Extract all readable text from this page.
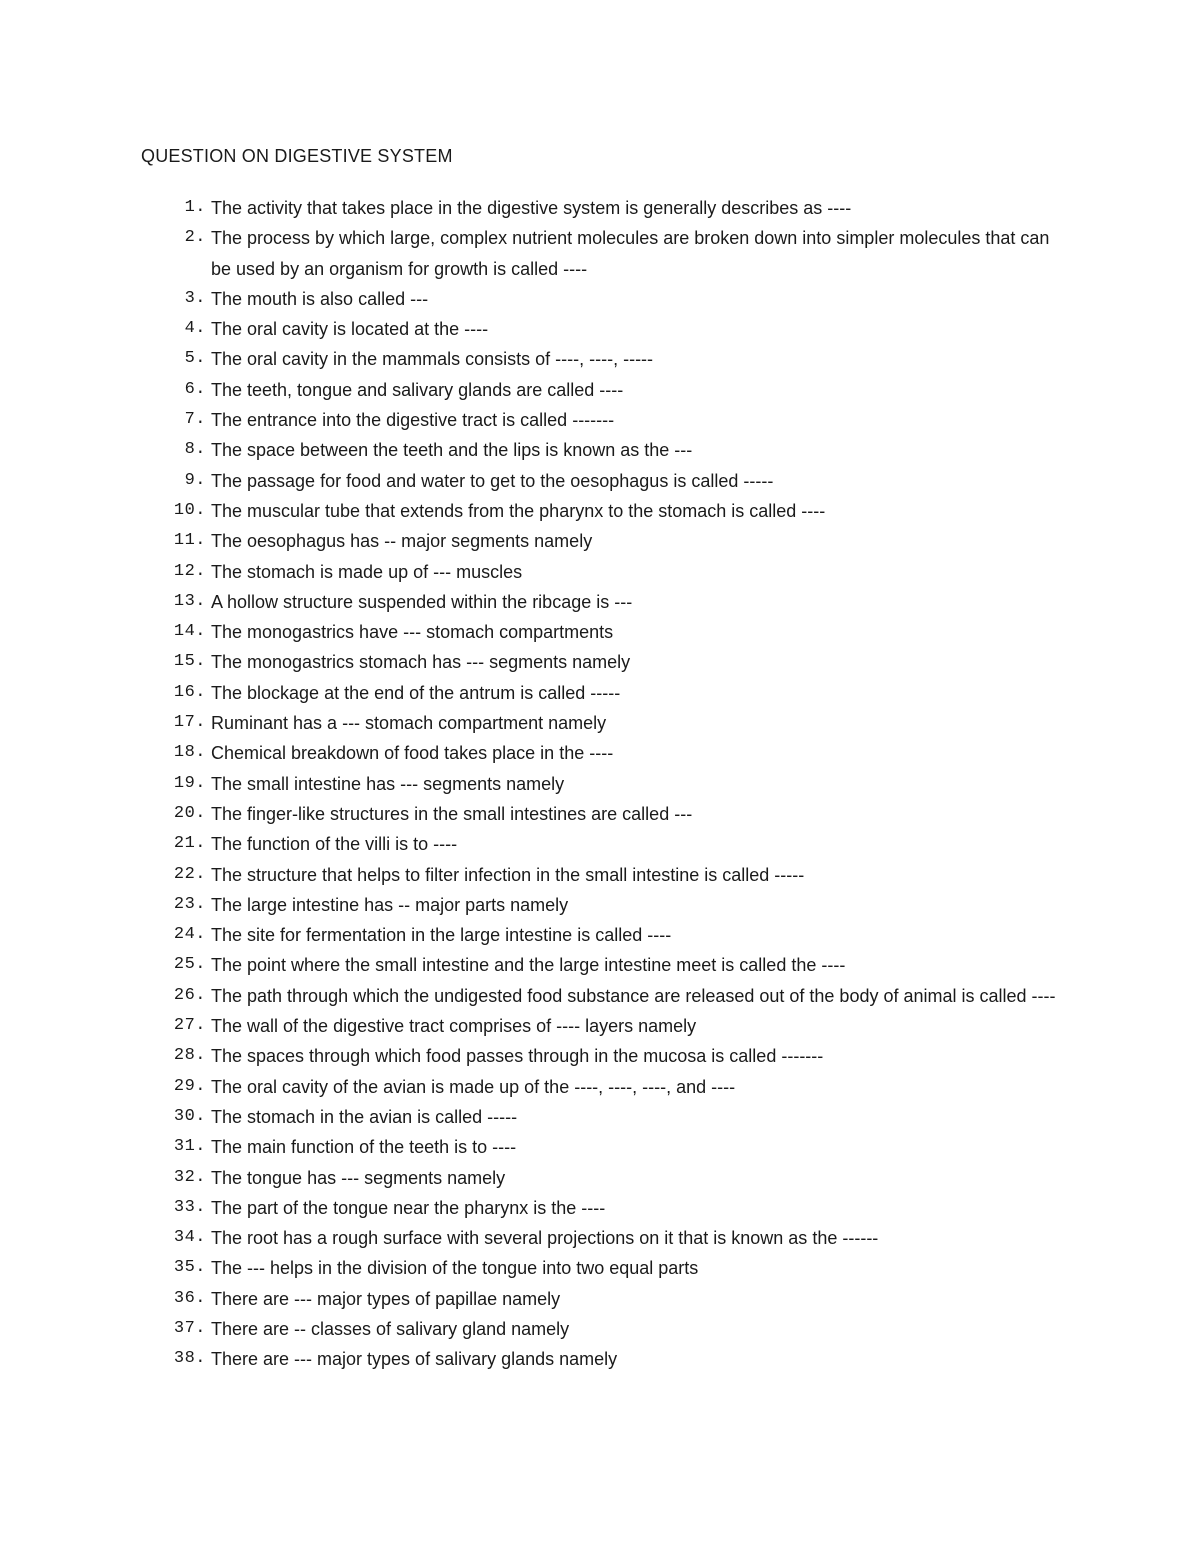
QUESTION ON DIGESTIVE SYSTEM
1. The activity that takes place in the digestive system is generally describes as ----
2. The process by which large, complex nutrient molecules are broken down into simpler molecules that can be used by an organism for growth is called ----
3. The mouth is also called ---
4. The oral cavity is located at the ----
5. The oral cavity in the mammals consists of ----, ----, -----
6. The teeth, tongue and salivary glands are called ----
7. The entrance into the digestive tract is called -------
8. The space between the teeth and the lips is known as the ---
9. The passage for food and water to get to the oesophagus is called -----
10. The muscular tube that extends from the pharynx to the stomach is called ----
11. The oesophagus has -- major segments namely
12. The stomach is made up of --- muscles
13. A hollow structure suspended within the ribcage is ---
14. The monogastrics have --- stomach compartments
15. The monogastrics stomach has --- segments namely
16. The blockage at the end of the antrum is called -----
17. Ruminant has a --- stomach compartment namely
18. Chemical breakdown of food takes place in the ----
19. The small intestine has --- segments namely
20. The finger-like structures in the small intestines are called ---
21. The function of the villi is to ----
22. The structure that helps to filter infection in the small intestine is called -----
23. The large intestine has -- major parts namely
24. The site for fermentation in the large intestine is called ----
25. The point where the small intestine and the large intestine meet is called the ----
26. The path through which the undigested food substance are released out of the body of animal is called ----
27. The wall of the digestive tract comprises of ---- layers namely
28. The spaces through which food passes through in the mucosa is called -------
29. The oral cavity of the avian is made up of the ----, ----, ----, and ----
30. The stomach in the avian is called -----
31. The main function of the teeth is to ----
32. The tongue has --- segments namely
33. The part of the tongue near the pharynx is the ----
34. The root has a rough surface with several projections on it that is known as the ------
35. The --- helps in the division of the tongue into two equal parts
36. There are --- major types of papillae namely
37. There are -- classes of salivary gland namely
38. There are --- major types of salivary glands namely
